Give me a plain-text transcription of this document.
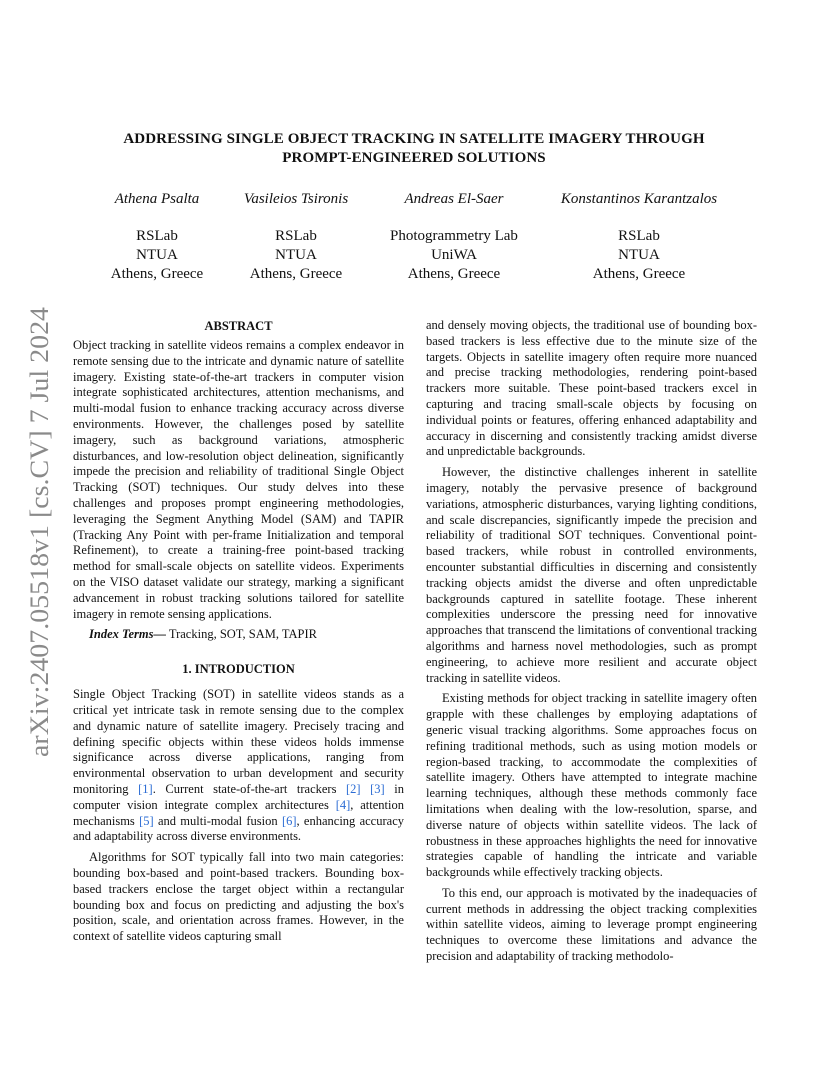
arXiv:2407.05518v1 [cs.CV] 7 Jul 2024
ADDRESSING SINGLE OBJECT TRACKING IN SATELLITE IMAGERY THROUGH
PROMPT-ENGINEERED SOLUTIONS
Athena Psalta
RSLab
NTUA
Athens, Greece
Vasileios Tsironis
RSLab
NTUA
Athens, Greece
Andreas El-Saer
Photogrammetry Lab
UniWA
Athens, Greece
Konstantinos Karantzalos
RSLab
NTUA
Athens, Greece
ABSTRACT

Object tracking in satellite videos remains a complex endeavor in remote sensing due to the intricate and dynamic nature of satellite imagery. Existing state-of-the-art trackers in computer vision integrate sophisticated architectures, attention mechanisms, and multi-modal fusion to enhance tracking accuracy across diverse environments. However, the challenges posed by satellite imagery, such as background variations, atmospheric disturbances, and low-resolution object delineation, significantly impede the precision and reliability of traditional Single Object Tracking (SOT) techniques. Our study delves into these challenges and proposes prompt engineering methodologies, leveraging the Segment Anything Model (SAM) and TAPIR (Tracking Any Point with per-frame Initialization and temporal Refinement), to create a training-free point-based tracking method for small-scale objects on satellite videos. Experiments on the VISO dataset validate our strategy, marking a significant advancement in robust tracking solutions tailored for satellite imagery in remote sensing applications.

Index Terms— Tracking, SOT, SAM, TAPIR

1. INTRODUCTION

Single Object Tracking (SOT) in satellite videos stands as a critical yet intricate task in remote sensing due to the complex and dynamic nature of satellite imagery. Precisely tracing and defining specific objects within these videos holds immense significance across diverse applications, ranging from environmental observation to urban development and security monitoring [1]. Current state-of-the-art trackers [2] [3] in computer vision integrate complex architectures [4], attention mechanisms [5] and multi-modal fusion [6], enhancing accuracy and adaptability across diverse environments.

Algorithms for SOT typically fall into two main categories: bounding box-based and point-based trackers. Bounding box-based trackers enclose the target object within a rectangular bounding box and focus on predicting and adjusting the box's position, scale, and orientation across frames. However, in the context of satellite videos capturing small

and densely moving objects, the traditional use of bounding box-based trackers is less effective due to the minute size of the targets. Objects in satellite imagery often require more nuanced and precise tracking methodologies, rendering point-based trackers more suitable. These point-based trackers excel in capturing and tracing small-scale objects by focusing on individual points or features, offering enhanced adaptability and accuracy in discerning and consistently tracking amidst diverse and unpredictable backgrounds.

However, the distinctive challenges inherent in satellite imagery, notably the pervasive presence of background variations, atmospheric disturbances, varying lighting conditions, and scale discrepancies, significantly impede the precision and reliability of traditional SOT techniques. Conventional point-based trackers, while robust in controlled environments, encounter substantial difficulties in discerning and consistently tracking objects amidst the diverse and often unpredictable backgrounds captured in satellite footage. These inherent complexities underscore the pressing need for innovative approaches that transcend the limitations of conventional tracking algorithms and harness novel methodologies, such as prompt engineering, to achieve more resilient and accurate object tracking in satellite videos.

Existing methods for object tracking in satellite imagery often grapple with these challenges by employing adaptations of generic visual tracking algorithms. Some approaches focus on refining traditional methods, such as using motion models or region-based tracking, to accommodate the complexities of satellite imagery. Others have attempted to integrate machine learning techniques, although these methods commonly face limitations when dealing with the low-resolution, sparse, and diverse nature of objects within satellite videos. The lack of robustness in these approaches highlights the need for innovative strategies capable of handling the intricate and variable backgrounds while effectively tracking objects.

To this end, our approach is motivated by the inadequacies of current methods in addressing the object tracking complexities within satellite videos, aiming to leverage prompt engineering techniques to overcome these limitations and advance the precision and adaptability of tracking methodolo-
